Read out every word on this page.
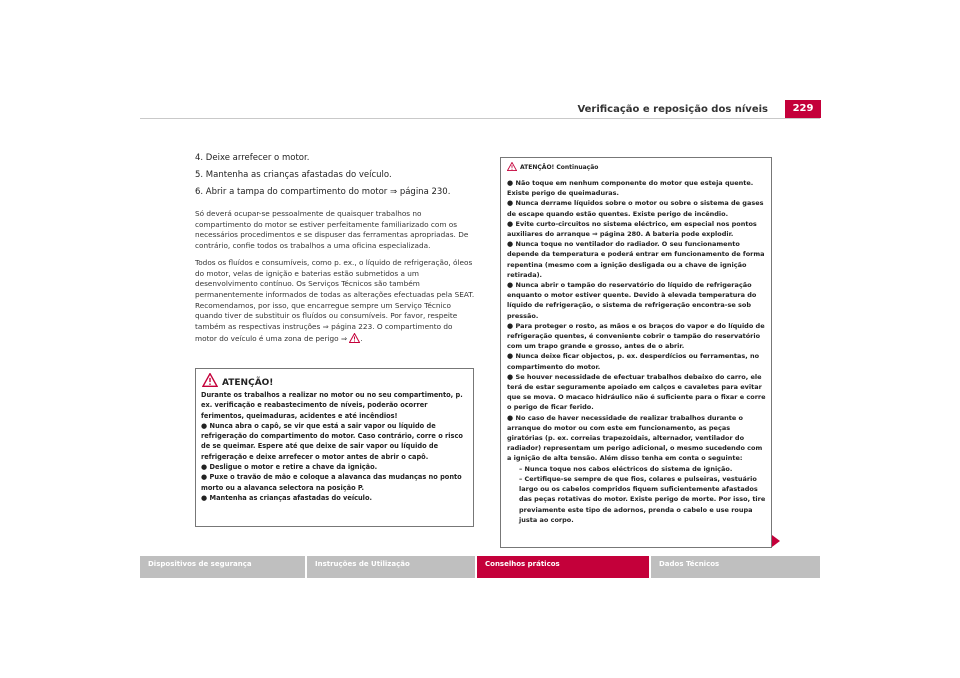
Verificação e reposição dos níveis	229
4. Deixe arrefecer o motor.
5. Mantenha as crianças afastadas do veículo.
6. Abrir a tampa do compartimento do motor ⇒ página 230.
Só deverá ocupar-se pessoalmente de quaisquer trabalhos no compartimento do motor se estiver perfeitamente familiarizado com os necessários procedimentos e se dispuser das ferramentas apropriadas. De contrário, confie todos os trabalhos a uma oficina especializada.
Todos os fluídos e consumíveis, como p. ex., o líquido de refrigeração, óleos do motor, velas de ignição e baterias estão submetidos a um desenvolvimento contínuo. Os Serviços Técnicos são também permanentemente informados de todas as alterações efectuadas pela SEAT. Recomendamos, por isso, que encarregue sempre um Serviço Técnico quando tiver de substituir os fluídos ou consumíveis. Por favor, respeite também as respectivas instruções ⇒ página 223. O compartimento do motor do veículo é uma zona de perigo ⇒ .
ATENÇÃO!
Durante os trabalhos a realizar no motor ou no seu compartimento, p. ex. verificação e reabastecimento de níveis, poderão ocorrer ferimentos, queimaduras, acidentes e até incêndios!
● Nunca abra o capô, se vir que está a sair vapor ou líquido de refrigeração do compartimento do motor. Caso contrário, corre o risco de se queimar. Espere até que deixe de sair vapor ou líquido de refrigeração e deixe arrefecer o motor antes de abrir o capô.
● Desligue o motor e retire a chave da ignição.
● Puxe o travão de mão e coloque a alavanca das mudanças no ponto morto ou a alavanca selectora na posição P.
● Mantenha as crianças afastadas do veículo.
ATENÇÃO! Continuação
● Não toque em nenhum componente do motor que esteja quente. Existe perigo de queimaduras.
● Nunca derrame líquidos sobre o motor ou sobre o sistema de gases de escape quando estão quentes. Existe perigo de incêndio.
● Evite curto-circuitos no sistema eléctrico, em especial nos pontos auxiliares do arranque ⇒ página 280. A bateria pode explodir.
● Nunca toque no ventilador do radiador. O seu funcionamento depende da temperatura e poderá entrar em funcionamento de forma repentina (mesmo com a ignição desligada ou a chave de ignição retirada).
● Nunca abrir o tampão do reservatório do líquido de refrigeração enquanto o motor estiver quente. Devido à elevada temperatura do líquido de refrigeração, o sistema de refrigeração encontra-se sob pressão.
● Para proteger o rosto, as mãos e os braços do vapor e do líquido de refrigeração quentes, é conveniente cobrir o tampão do reservatório com um trapo grande e grosso, antes de o abrir.
● Nunca deixe ficar objectos, p. ex. desperdícios ou ferramentas, no compartimento do motor.
● Se houver necessidade de efectuar trabalhos debaixo do carro, ele terá de estar seguramente apoiado em calços e cavaletes para evitar que se mova. O macaco hidráulico não é suficiente para o fixar e corre o perigo de ficar ferido.
● No caso de haver necessidade de realizar trabalhos durante o arranque do motor ou com este em funcionamento, as peças giratórias (p. ex. correias trapezoidais, alternador, ventilador do radiador) representam um perigo adicional, o mesmo sucedendo com a ignição de alta tensão. Além disso tenha em conta o seguinte:
– Nunca toque nos cabos eléctricos do sistema de ignição.
– Certifique-se sempre de que fios, colares e pulseiras, vestuário largo ou os cabelos compridos fiquem suficientemente afastados das peças rotativas do motor. Existe perigo de morte. Por isso, tire previamente este tipo de adornos, prenda o cabelo e use roupa justa ao corpo.
Dispositivos de segurança	Instruções de Utilização	Conselhos práticos	Dados Técnicos
